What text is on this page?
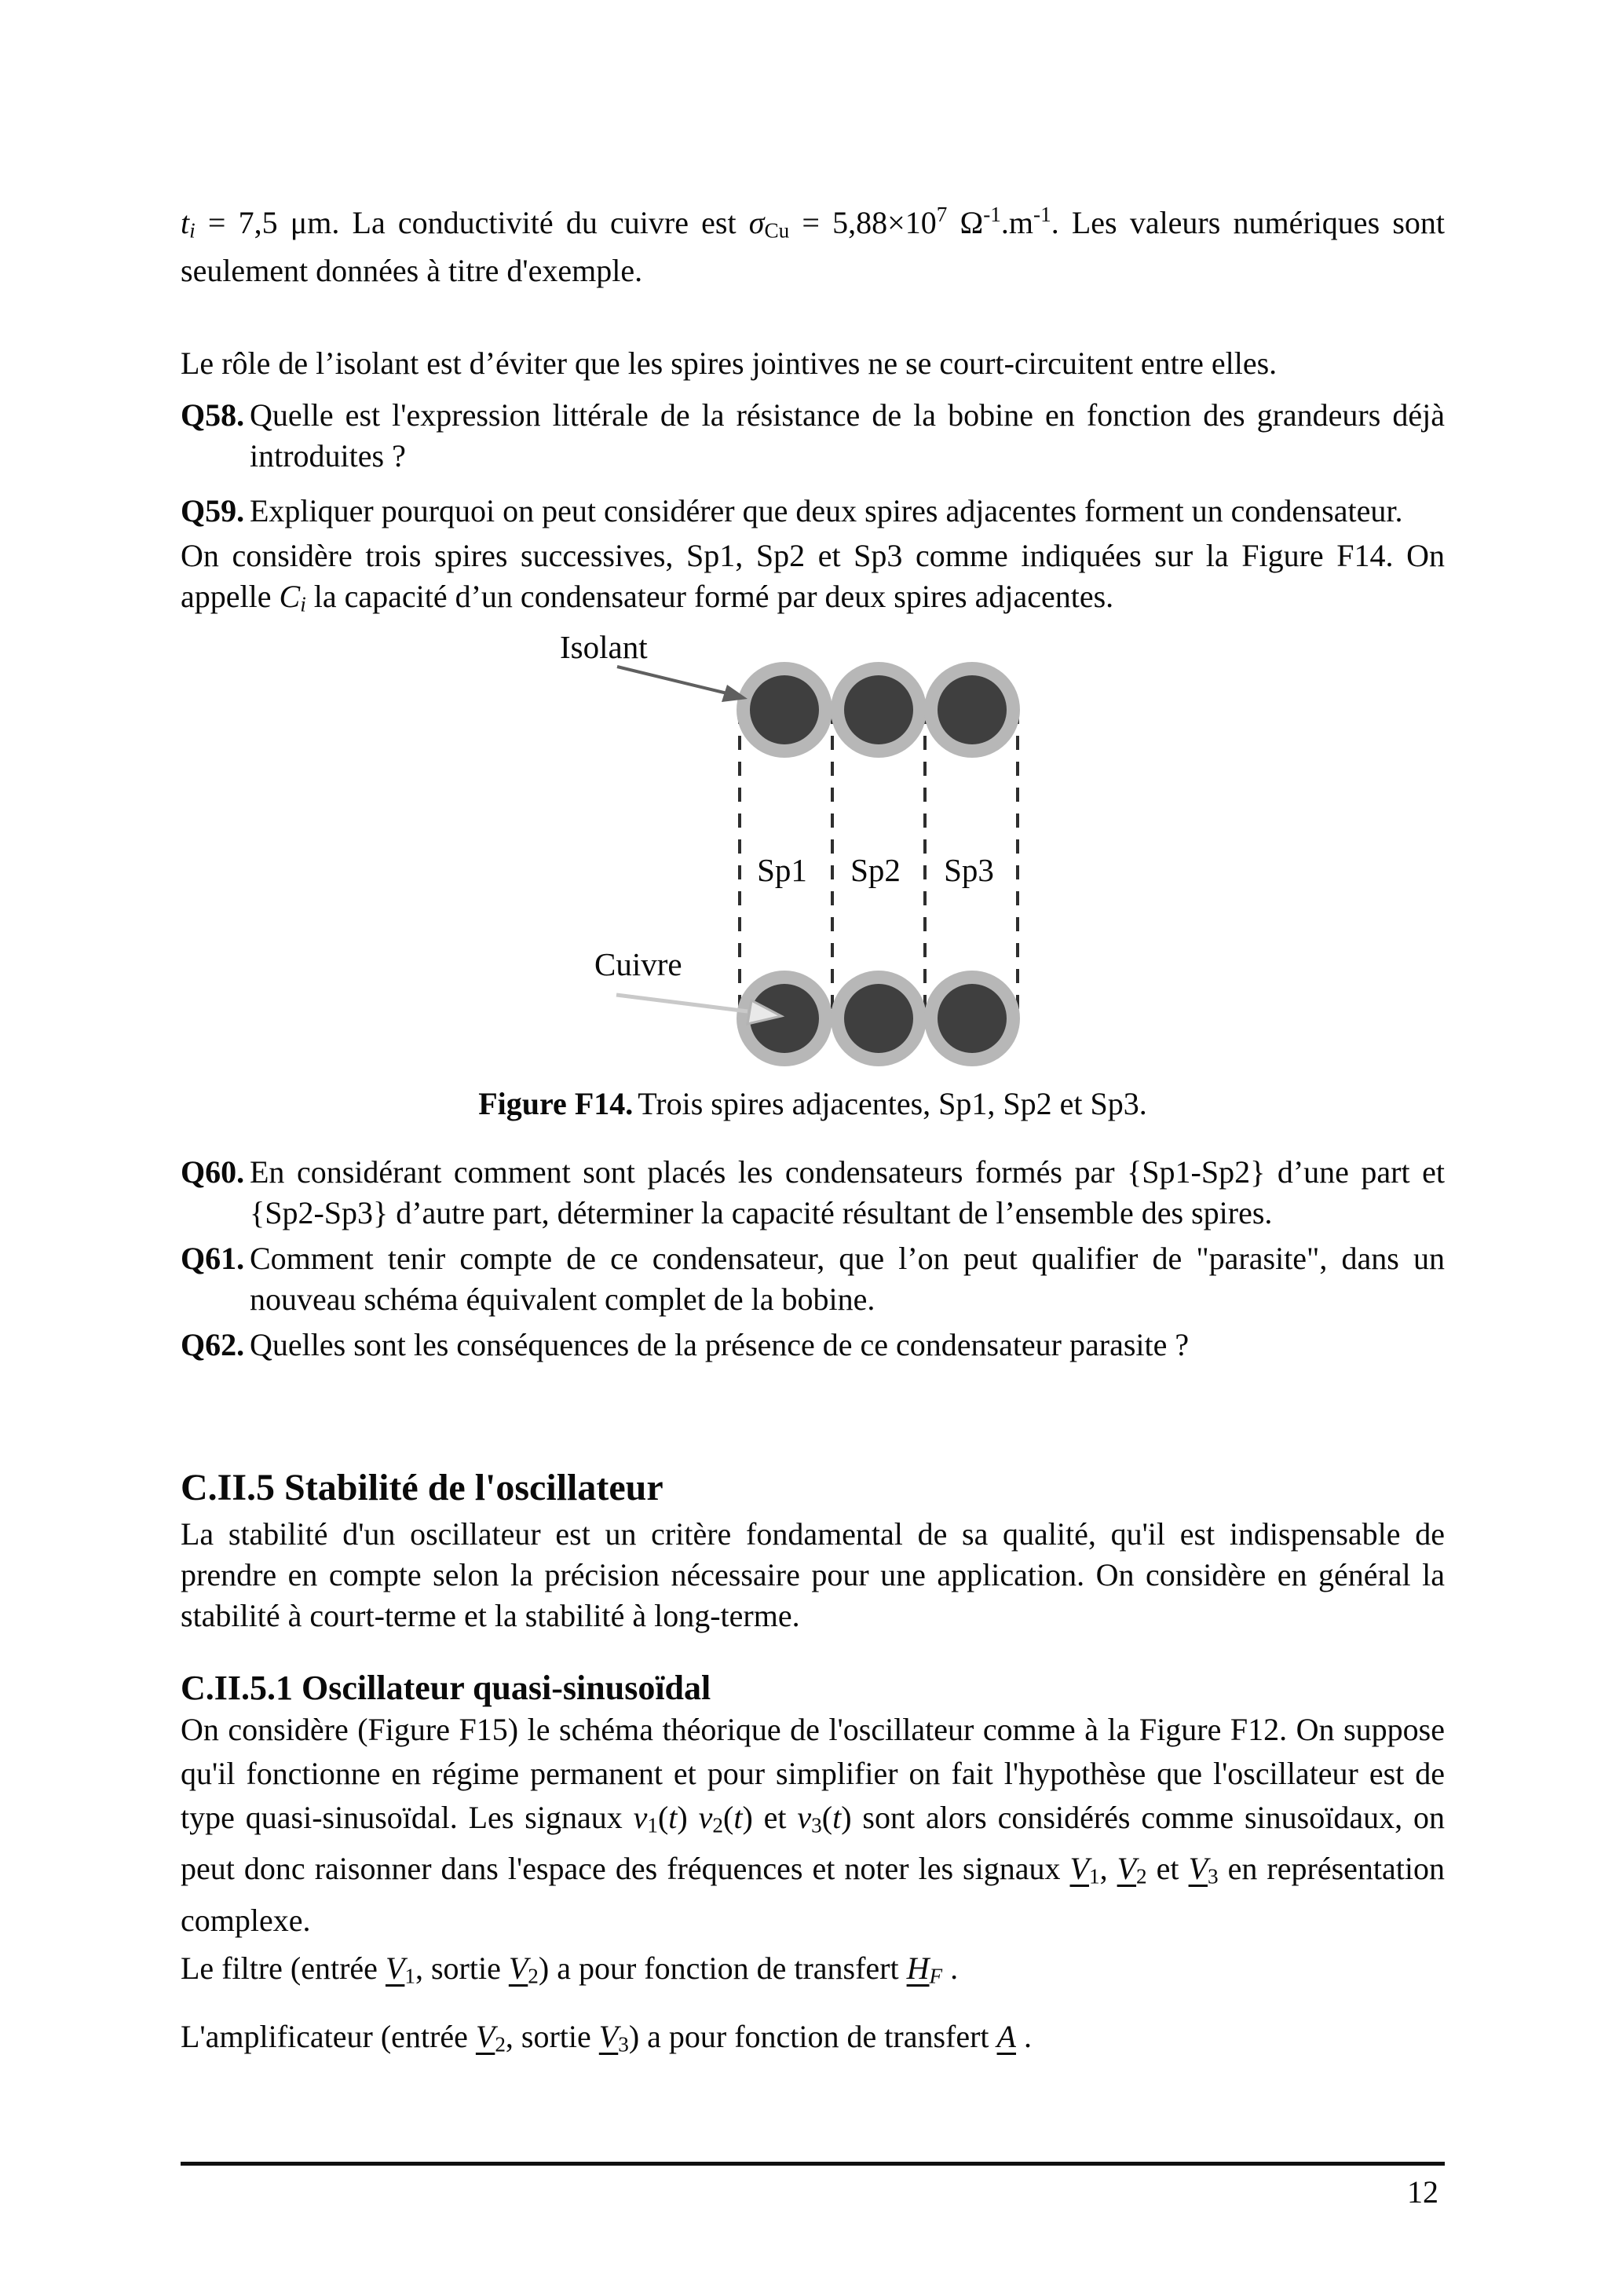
ti = 7,5 μm. La conductivité du cuivre est $\sigma Cu = 5,88\times 10^7$ $\Omega^{-1}.m^{-1}$. Les valeurs numériques sont seulement données à titre d'exemple.

Le rôle de l’isolant est d’éviter que les spires jointives ne se court-circuitent entre elles.

Q58. Quelle est l'expression littérale de la résistance de la bobine en fonction des grandeurs déjà introduites ?
Q59. Expliquer pourquoi on peut considérer que deux spires adjacentes forment un condensateur.

On considère trois spires successives, Sp1, Sp2 et Sp3 comme indiquées sur la Figure F14. On appelle Ci la capacité d’un condensateur formé par deux spires adjacentes.

Isolant
Sp1 Sp2 Sp3
Cuivre
Figure F14. Trois spires adjacentes, Sp1, Sp2 et Sp3.
Q60. En considérant comment sont placés les condensateurs formés par {Sp1-Sp2} d’une part et {Sp2-Sp3} d’autre part, déterminer la capacité résultant de l’ensemble des spires.
Q61. Comment tenir compte de ce condensateur, que l’on peut qualifier de "parasite", dans un nouveau schéma équivalent complet de la bobine.
Q62. Quelles sont les conséquences de la présence de ce condensateur parasite ?
C.II.5 Stabilité de l'oscillateur

La stabilité d'un oscillateur est un critère fondamental de sa qualité, qu'il est indispensable de prendre en compte selon la précision nécessaire pour une application. On considère en général la stabilité à court-terme et la stabilité à long-terme.

C.II.5.1 Oscillateur quasi-sinusoïdal

On considère (Figure F15) le schéma théorique de l'oscillateur comme à la Figure F12. On suppose qu'il fonctionne en régime permanent et pour simplifier on fait l'hypothèse que l'oscillateur est de type quasi-sinusoïdal. Les signaux v1(t) v2(t) et v3(t) sont alors considérés comme sinusoïdaux, on peut donc raisonner dans l'espace des fréquences et noter les signaux V1, V2 et V3 en représentation complexe.

Le filtre (entrée V1, sortie V2) a pour fonction de transfert HF .

L'amplificateur (entrée V2, sortie V3) a pour fonction de transfert A .

12
